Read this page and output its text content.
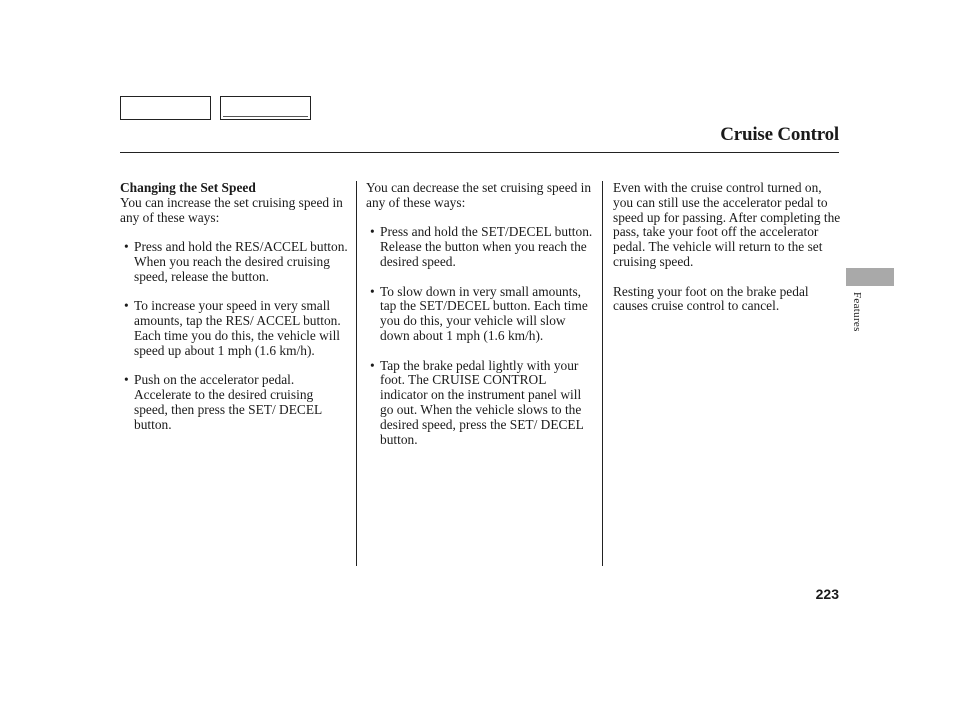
Cruise Control

Changing the Set Speed

You can increase the set cruising speed in any of these ways:

• Press and hold the RES/ACCEL button. When you reach the desired cruising speed, release the button.
• To increase your speed in very small amounts, tap the RES/ ACCEL button. Each time you do this, the vehicle will speed up about 1 mph (1.6 km/h).
• Push on the accelerator pedal. Accelerate to the desired cruising speed, then press the SET/ DECEL button.

You can decrease the set cruising speed in any of these ways:

• Press and hold the SET/DECEL button. Release the button when you reach the desired speed.
• To slow down in very small amounts, tap the SET/DECEL button. Each time you do this, your vehicle will slow down about 1 mph (1.6 km/h).
• Tap the brake pedal lightly with your foot. The CRUISE CONTROL indicator on the instrument panel will go out. When the vehicle slows to the desired speed, press the SET/ DECEL button.

Even with the cruise control turned on, you can still use the accelerator pedal to speed up for passing. After completing the pass, take your foot off the accelerator pedal. The vehicle will return to the set cruising speed.

Resting your foot on the brake pedal causes cruise control to cancel.	Features
223
